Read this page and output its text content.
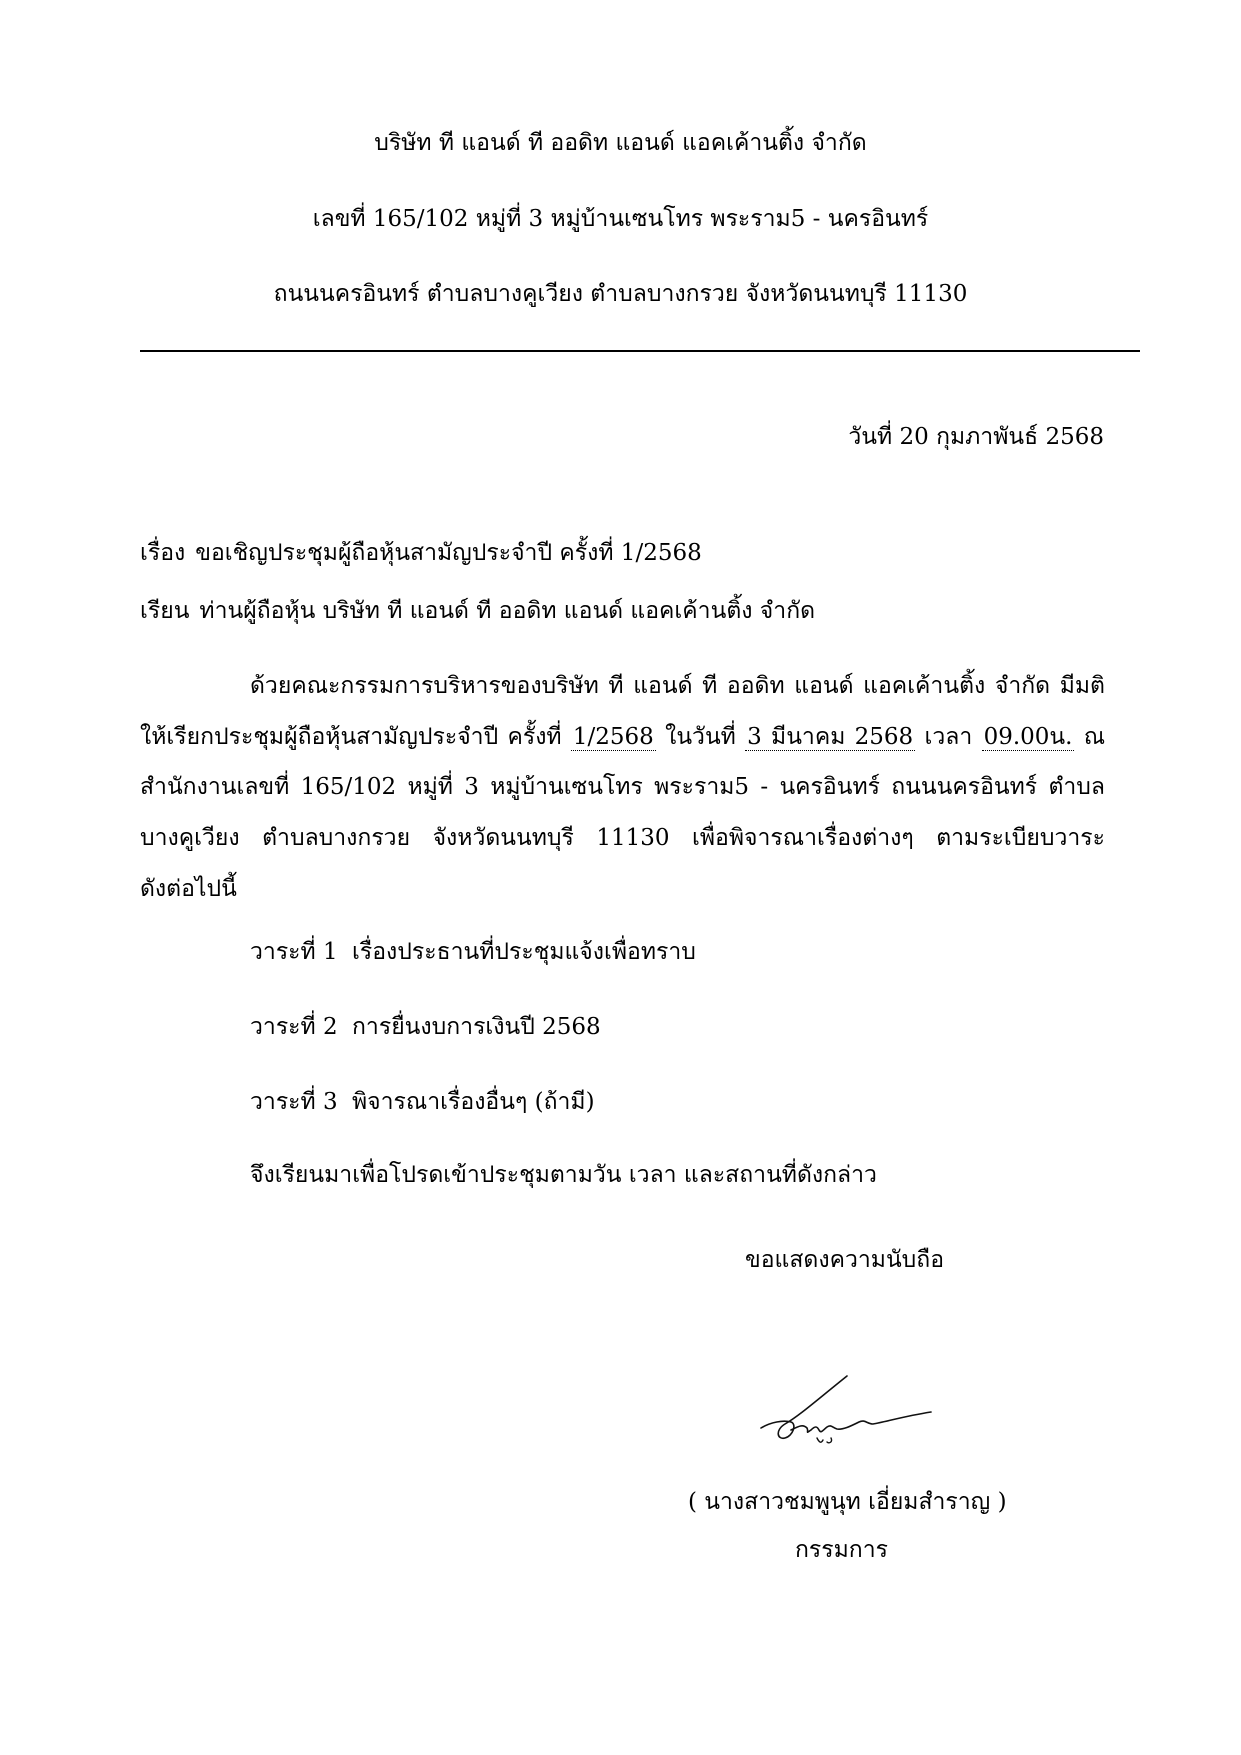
บริษัท ที แอนด์ ที ออดิท แอนด์ แอคเค้านติ้ง จำกัด
เลขที่ 165/102 หมู่ที่ 3 หมู่บ้านเซนโทร พระราม5 - นครอินทร์
ถนนนครอินทร์ ตำบลบางคูเวียง ตำบลบางกรวย จังหวัดนนทบุรี 11130
วันที่ 20 กุมภาพันธ์ 2568
เรื่อง ขอเชิญประชุมผู้ถือหุ้นสามัญประจำปี ครั้งที่ 1/2568
เรียน ท่านผู้ถือหุ้น บริษัท ที แอนด์ ที ออดิท แอนด์ แอคเค้านติ้ง จำกัด
ด้วยคณะกรรมการบริหารของบริษัท ที แอนด์ ที ออดิท แอนด์ แอคเค้านติ้ง จำกัด มีมติ
ให้เรียกประชุมผู้ถือหุ้นสามัญประจำปี ครั้งที่ 1/2568 ในวันที่ 3 มีนาคม 2568 เวลา 09.00น. ณ
สำนักงานเลขที่ 165/102 หมู่ที่ 3 หมู่บ้านเซนโทร พระราม5 - นครอินทร์ ถนนนครอินทร์ ตำบล
บางคูเวียง ตำบลบางกรวย จังหวัดนนทบุรี 11130 เพื่อพิจารณาเรื่องต่างๆ ตามระเบียบวาระ
ดังต่อไปนี้
วาระที่ 1 เรื่องประธานที่ประชุมแจ้งเพื่อทราบ
วาระที่ 2 การยื่นงบการเงินปี 2568
วาระที่ 3 พิจารณาเรื่องอื่นๆ (ถ้ามี)
จึงเรียนมาเพื่อโปรดเข้าประชุมตามวัน เวลา และสถานที่ดังกล่าว
ขอแสดงความนับถือ
( นางสาวชมพูนุท เอี่ยมสำราญ )
กรรมการ
